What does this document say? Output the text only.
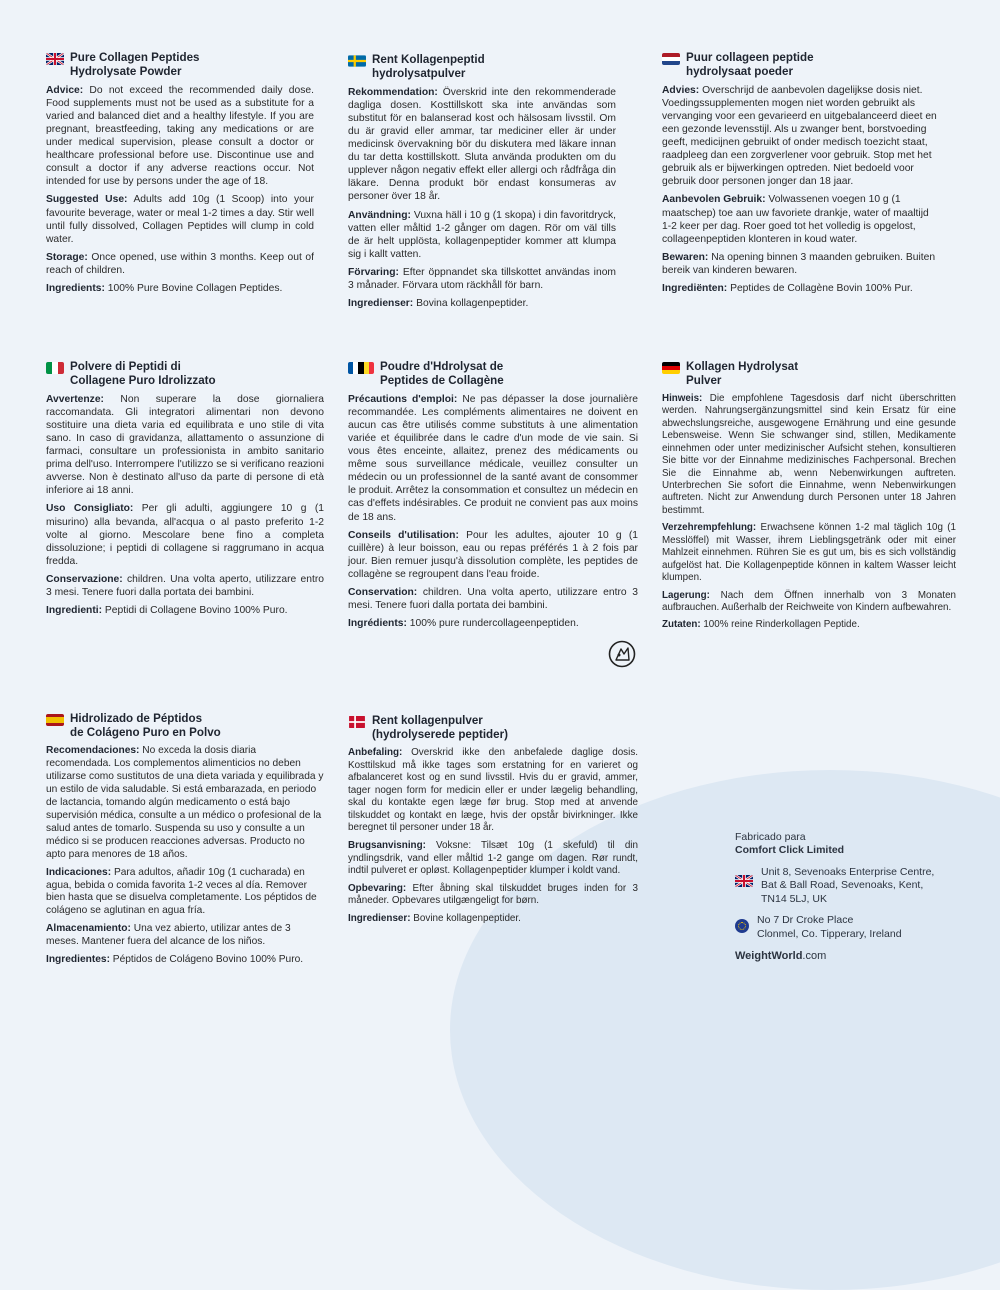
Pure Collagen Peptides
Hydrolysate Powder

Advice: Do not exceed the recommended daily dose. Food supplements must not be used as a substitute for a varied and balanced diet and a healthy lifestyle. If you are pregnant, breastfeeding, taking any medications or are under medical supervision, please consult a doctor or healthcare professional before use. Discontinue use and consult a doctor if any adverse reactions occur. Not intended for use by persons under the age of 18.

Suggested Use: Adults add 10g (1 Scoop) into your favourite beverage, water or meal 1-2 times a day. Stir well until fully dissolved, Collagen Peptides will clump in cold water.

Storage: Once opened, use within 3 months. Keep out of reach of children.

Ingredients: 100% Pure Bovine Collagen Peptides.

Rent Kollagenpeptid
hydrolysatpulver

Rekommendation: Överskrid inte den rekommenderade dagliga dosen. Kosttillskott ska inte användas som substitut för en balanserad kost och hälsosam livsstil. Om du är gravid eller ammar, tar mediciner eller är under medicinsk övervakning bör du diskutera med läkare innan du tar detta kosttillskott. Sluta använda produkten om du upplever någon negativ effekt eller allergi och rådfråga din läkare. Denna produkt bör endast konsumeras av personer över 18 år.

Användning: Vuxna häll i 10 g (1 skopa) i din favoritdryck, vatten eller måltid 1-2 gånger om dagen. Rör om väl tills de är helt upplösta, kollagenpeptider kommer att klumpa sig i kallt vatten.

Förvaring: Efter öppnandet ska tillskottet användas inom 3 månader. Förvara utom räckhåll för barn.

Ingredienser: Bovina kollagenpeptider.

Puur collageen peptide
hydrolysaat poeder

Advies: Overschrijd de aanbevolen dagelijkse dosis niet. Voedingssupplementen mogen niet worden gebruikt als vervanging voor een gevarieerd en uitgebalanceerd dieet en een gezonde levensstijl. Als u zwanger bent, borstvoeding geeft, medicijnen gebruikt of onder medisch toezicht staat, raadpleeg dan een zorgverlener voor gebruik. Stop met het gebruik als er bijwerkingen optreden. Niet bedoeld voor gebruik door personen jonger dan 18 jaar.

Aanbevolen Gebruik: Volwassenen voegen 10 g (1 maatschep) toe aan uw favoriete drankje, water of maaltijd 1-2 keer per dag. Roer goed tot het volledig is opgelost, collageenpeptiden klonteren in koud water.

Bewaren: Na opening binnen 3 maanden gebruiken. Buiten bereik van kinderen bewaren.

Ingrediënten: Peptides de Collagène Bovin 100% Pur.

Polvere di Peptidi di
Collagene Puro Idrolizzato

Avvertenze: Non superare la dose giornaliera raccomandata. Gli integratori alimentari non devono sostituire una dieta varia ed equilibrata e uno stile di vita sano. In caso di gravidanza, allattamento o assunzione di farmaci, consultare un professionista in ambito sanitario prima dell'uso. Interrompere l'utilizzo se si verificano reazioni avverse. Non è destinato all'uso da parte di persone di età inferiore ai 18 anni.

Uso Consigliato: Per gli adulti, aggiungere 10 g (1 misurino) alla bevanda, all'acqua o al pasto preferito 1-2 volte al giorno. Mescolare bene fino a completa dissoluzione; i peptidi di collagene si raggrumano in acqua fredda.

Conservazione: children. Una volta aperto, utilizzare entro 3 mesi. Tenere fuori dalla portata dei bambini.

Ingredienti: Peptidi di Collagene Bovino 100% Puro.

Poudre d'Hdrolysat de
Peptides de Collagène

Précautions d'emploi: Ne pas dépasser la dose journalière recommandée. Les compléments alimentaires ne doivent en aucun cas être utilisés comme substituts à une alimentation variée et équilibrée dans le cadre d'un mode de vie sain. Si vous êtes enceinte, allaitez, prenez des médicaments ou même sous surveillance médicale, veuillez consulter un médecin ou un professionnel de la santé avant de consommer le produit. Arrêtez la consommation et consultez un médecin en cas d'effets indésirables. Ce produit ne convient pas aux moins de 18 ans.

Conseils d'utilisation: Pour les adultes, ajouter 10 g (1 cuillère) à leur boisson, eau ou repas préférés 1 à 2 fois par jour. Bien remuer jusqu'à dissolution complète, les peptides de collagène se regroupent dans l'eau froide.

Conservation: children. Una volta aperto, utilizzare entro 3 mesi. Tenere fuori dalla portata dei bambini.

Ingrédients: 100% pure rundercollageenpeptiden.

Kollagen Hydrolysat
Pulver

Hinweis: Die empfohlene Tagesdosis darf nicht überschritten werden. Nahrungsergänzungsmittel sind kein Ersatz für eine abwechslungsreiche, ausgewogene Ernährung und eine gesunde Lebensweise. Wenn Sie schwanger sind, stillen, Medikamente einnehmen oder unter medizinischer Aufsicht stehen, konsultieren Sie bitte vor der Einnahme medizinisches Fachpersonal. Brechen Sie die Einnahme ab, wenn Nebenwirkungen auftreten. Unterbrechen Sie sofort die Einnahme, wenn Nebenwirkungen auftreten. Nicht zur Anwendung durch Personen unter 18 Jahren bestimmt.

Verzehrempfehlung: Erwachsene können 1-2 mal täglich 10g (1 Messlöffel) mit Wasser, ihrem Lieblingsgetränk oder mit einer Mahlzeit einnehmen. Rühren Sie es gut um, bis es sich vollständig aufgelöst hat. Die Kollagenpeptide können in kaltem Wasser leicht klumpen.

Lagerung: Nach dem Öffnen innerhalb von 3 Monaten aufbrauchen. Außerhalb der Reichweite von Kindern aufbewahren.

Zutaten: 100% reine Rinderkollagen Peptide.

Hidrolizado de Péptidos
de Colágeno Puro en Polvo

Recomendaciones: No exceda la dosis diaria recomendada. Los complementos alimenticios no deben utilizarse como sustitutos de una dieta variada y equilibrada y un estilo de vida saludable. Si está embarazada, en periodo de lactancia, tomando algún medicamento o está bajo supervisión médica, consulte a un médico o profesional de la salud antes de tomarlo. Suspenda su uso y consulte a un médico si se producen reacciones adversas. Producto no apto para menores de 18 años.

Indicaciones: Para adultos, añadir 10g (1 cucharada) en agua, bebida o comida favorita 1-2 veces al día. Remover bien hasta que se disuelva completamente. Los péptidos de colágeno se aglutinan en agua fría.

Almacenamiento: Una vez abierto, utilizar antes de 3 meses. Mantener fuera del alcance de los niños.

Ingredientes: Péptidos de Colágeno Bovino 100% Puro.

Rent kollagenpulver
(hydrolyserede peptider)

Anbefaling: Overskrid ikke den anbefalede daglige dosis. Kosttilskud må ikke tages som erstatning for en varieret og afbalanceret kost og en sund livsstil. Hvis du er gravid, ammer, tager nogen form for medicin eller er under lægelig behandling, skal du kontakte egen læge før brug. Stop med at anvende tilskuddet og kontakt en læge, hvis der opstår bivirkninger. Ikke beregnet til personer under 18 år.

Brugsanvisning: Voksne: Tilsæt 10g (1 skefuld) til din yndlingsdrik, vand eller måltid 1-2 gange om dagen. Rør rundt, indtil pulveret er opløst. Kollagenpeptider klumper i koldt vand.

Opbevaring: Efter åbning skal tilskuddet bruges inden for 3 måneder. Opbevares utilgængeligt for børn.

Ingredienser: Bovine kollagenpeptider.

Fabricado para
Comfort Click Limited
Unit 8, Sevenoaks Enterprise Centre,
Bat & Ball Road, Sevenoaks, Kent,
TN14 5LJ, UK
No 7 Dr Croke Place
Clonmel, Co. Tipperary, Ireland
WeightWorld.com
